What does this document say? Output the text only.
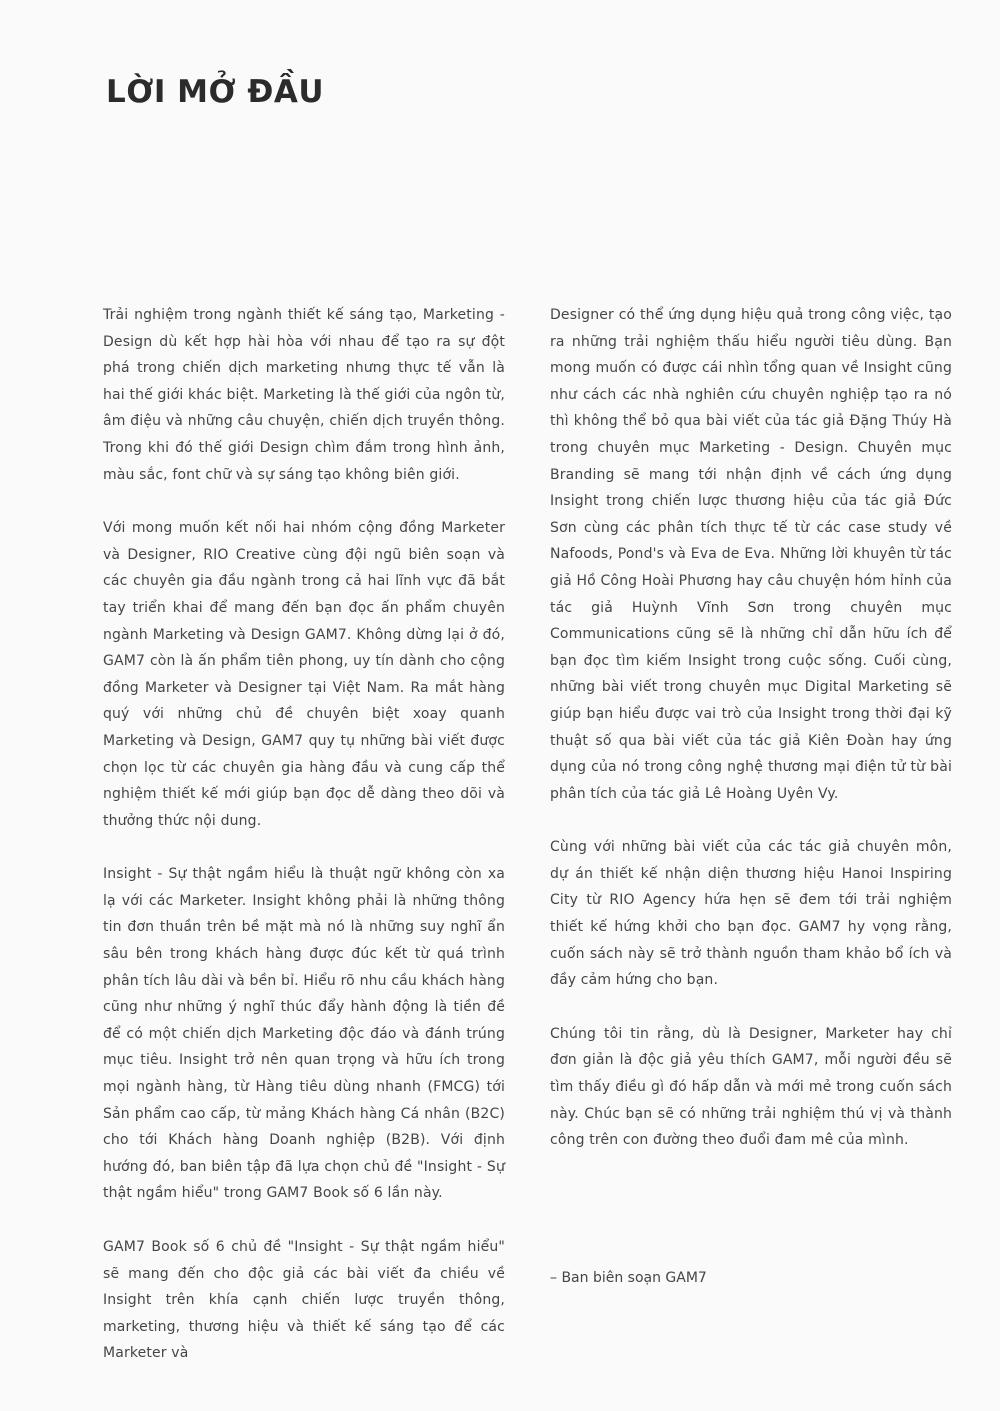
LỜI MỞ ĐẦU

Trải nghiệm trong ngành thiết kế sáng tạo, Marketing - Design dù kết hợp hài hòa với nhau để tạo ra sự đột phá trong chiến dịch marketing nhưng thực tế vẫn là hai thế giới khác biệt. Marketing là thế giới của ngôn từ, âm điệu và những câu chuyện, chiến dịch truyền thông. Trong khi đó thế giới Design chìm đắm trong hình ảnh, màu sắc, font chữ và sự sáng tạo không biên giới.

Với mong muốn kết nối hai nhóm cộng đồng Marketer và Designer, RIO Creative cùng đội ngũ biên soạn và các chuyên gia đầu ngành trong cả hai lĩnh vực đã bắt tay triển khai để mang đến bạn đọc ấn phẩm chuyên ngành Marketing và Design GAM7. Không dừng lại ở đó, GAM7 còn là ấn phẩm tiên phong, uy tín dành cho cộng đồng Marketer và Designer tại Việt Nam. Ra mắt hàng quý với những chủ đề chuyên biệt xoay quanh Marketing và Design, GAM7 quy tụ những bài viết được chọn lọc từ các chuyên gia hàng đầu và cung cấp thể nghiệm thiết kế mới giúp bạn đọc dễ dàng theo dõi và thưởng thức nội dung.

Insight - Sự thật ngầm hiểu là thuật ngữ không còn xa lạ với các Marketer. Insight không phải là những thông tin đơn thuần trên bề mặt mà nó là những suy nghĩ ẩn sâu bên trong khách hàng được đúc kết từ quá trình phân tích lâu dài và bền bỉ. Hiểu rõ nhu cầu khách hàng cũng như những ý nghĩ thúc đẩy hành động là tiền đề để có một chiến dịch Marketing độc đáo và đánh trúng mục tiêu. Insight trở nên quan trọng và hữu ích trong mọi ngành hàng, từ Hàng tiêu dùng nhanh (FMCG) tới Sản phẩm cao cấp, từ mảng Khách hàng Cá nhân (B2C) cho tới Khách hàng Doanh nghiệp (B2B). Với định hướng đó, ban biên tập đã lựa chọn chủ đề "Insight - Sự thật ngầm hiểu" trong GAM7 Book số 6 lần này.

GAM7 Book số 6 chủ đề "Insight - Sự thật ngầm hiểu" sẽ mang đến cho độc giả các bài viết đa chiều về Insight trên khía cạnh chiến lược truyền thông, marketing, thương hiệu và thiết kế sáng tạo để các Marketer và

Designer có thể ứng dụng hiệu quả trong công việc, tạo ra những trải nghiệm thấu hiểu người tiêu dùng. Bạn mong muốn có được cái nhìn tổng quan về Insight cũng như cách các nhà nghiên cứu chuyên nghiệp tạo ra nó thì không thể bỏ qua bài viết của tác giả Đặng Thúy Hà trong chuyên mục Marketing - Design. Chuyên mục Branding sẽ mang tới nhận định về cách ứng dụng Insight trong chiến lược thương hiệu của tác giả Đức Sơn cùng các phân tích thực tế từ các case study về Nafoods, Pond's và Eva de Eva. Những lời khuyên từ tác giả Hồ Công Hoài Phương hay câu chuyện hóm hỉnh của tác giả Huỳnh Vĩnh Sơn trong chuyên mục Communications cũng sẽ là những chỉ dẫn hữu ích để bạn đọc tìm kiếm Insight trong cuộc sống. Cuối cùng, những bài viết trong chuyên mục Digital Marketing sẽ giúp bạn hiểu được vai trò của Insight trong thời đại kỹ thuật số qua bài viết của tác giả Kiên Đoàn hay ứng dụng của nó trong công nghệ thương mại điện tử từ bài phân tích của tác giả Lê Hoàng Uyên Vy.

Cùng với những bài viết của các tác giả chuyên môn, dự án thiết kế nhận diện thương hiệu Hanoi Inspiring City từ RIO Agency hứa hẹn sẽ đem tới trải nghiệm thiết kế hứng khởi cho bạn đọc. GAM7 hy vọng rằng, cuốn sách này sẽ trở thành nguồn tham khảo bổ ích và đầy cảm hứng cho bạn.

Chúng tôi tin rằng, dù là Designer, Marketer hay chỉ đơn giản là độc giả yêu thích GAM7, mỗi người đều sẽ tìm thấy điều gì đó hấp dẫn và mới mẻ trong cuốn sách này. Chúc bạn sẽ có những trải nghiệm thú vị và thành công trên con đường theo đuổi đam mê của mình.

– Ban biên soạn GAM7
